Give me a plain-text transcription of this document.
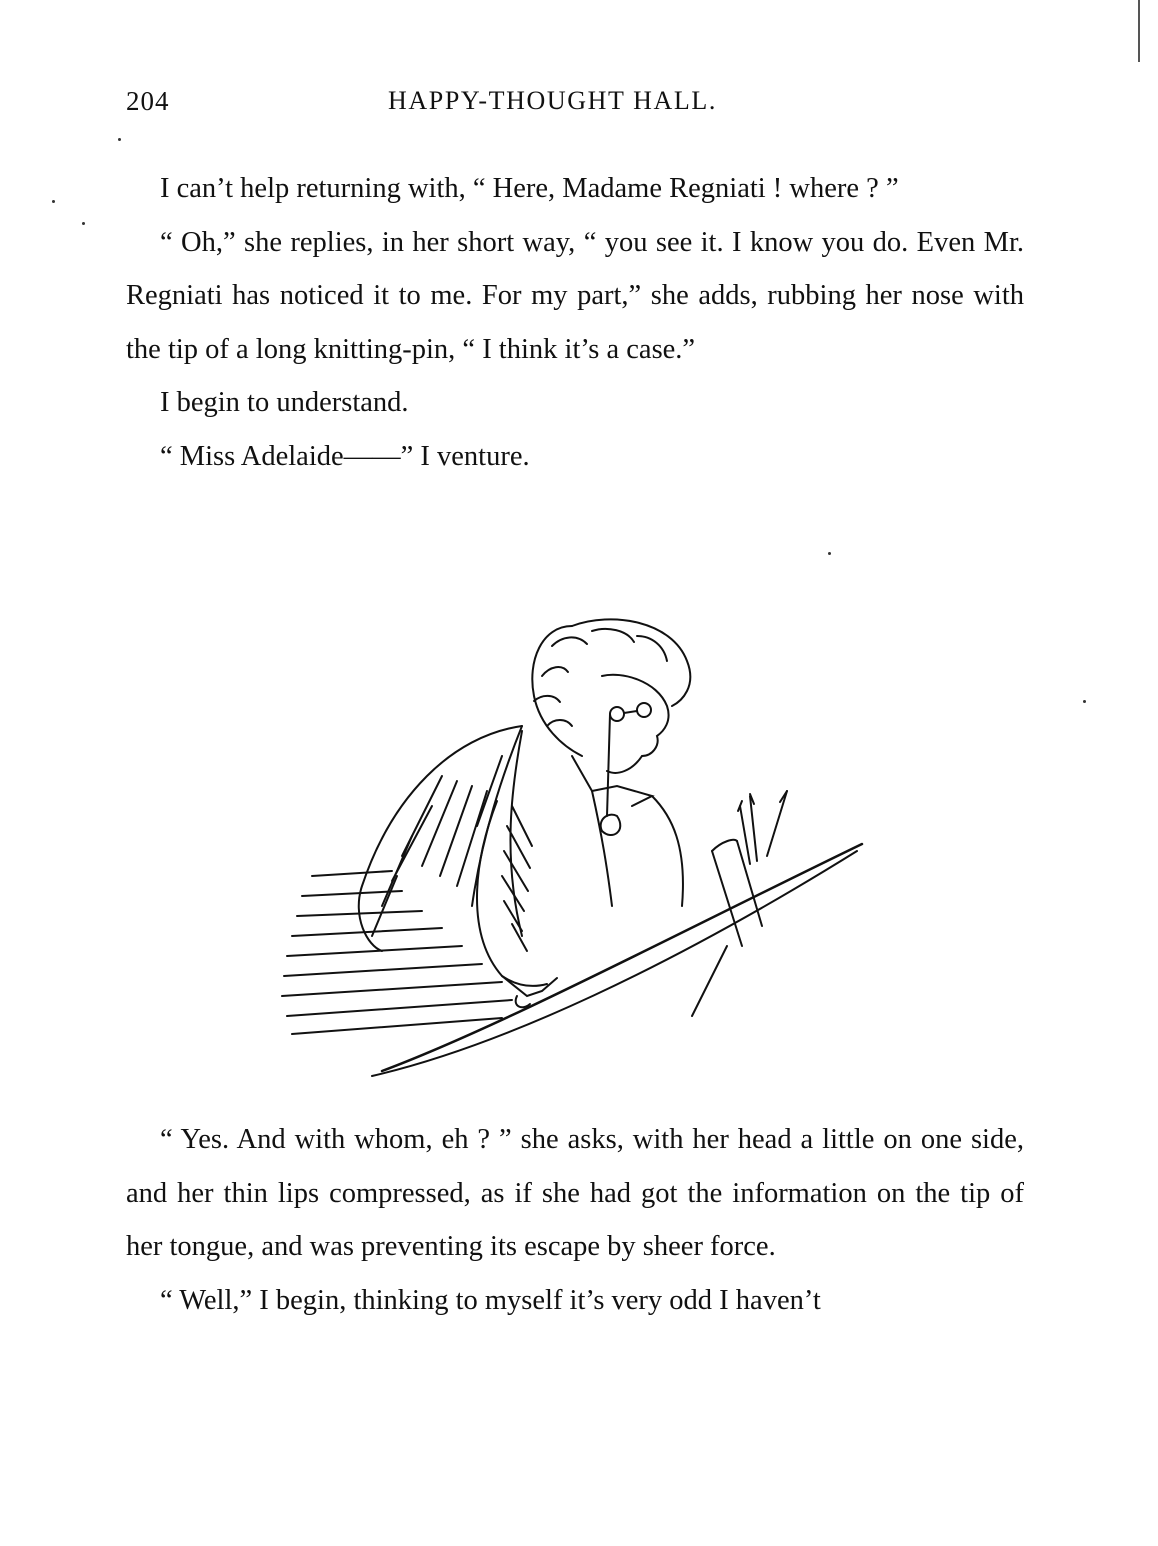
204	HAPPY-THOUGHT HALL.

I can’t help returning with, “ Here, Madame Regniati ! where ? ”

“ Oh,” she replies, in her short way, “ you see it. I know you do. Even Mr. Regniati has noticed it to me. For my part,” she adds, rubbing her nose with the tip of a long knitting-pin, “ I think it’s a case.”

I begin to understand.

“ Miss Adelaide——” I venture.

“ Yes. And with whom, eh ? ” she asks, with her head a little on one side, and her thin lips compressed, as if she had got the information on the tip of her tongue, and was preventing its escape by sheer force.

“ Well,” I begin, thinking to myself it’s very odd I haven’t
